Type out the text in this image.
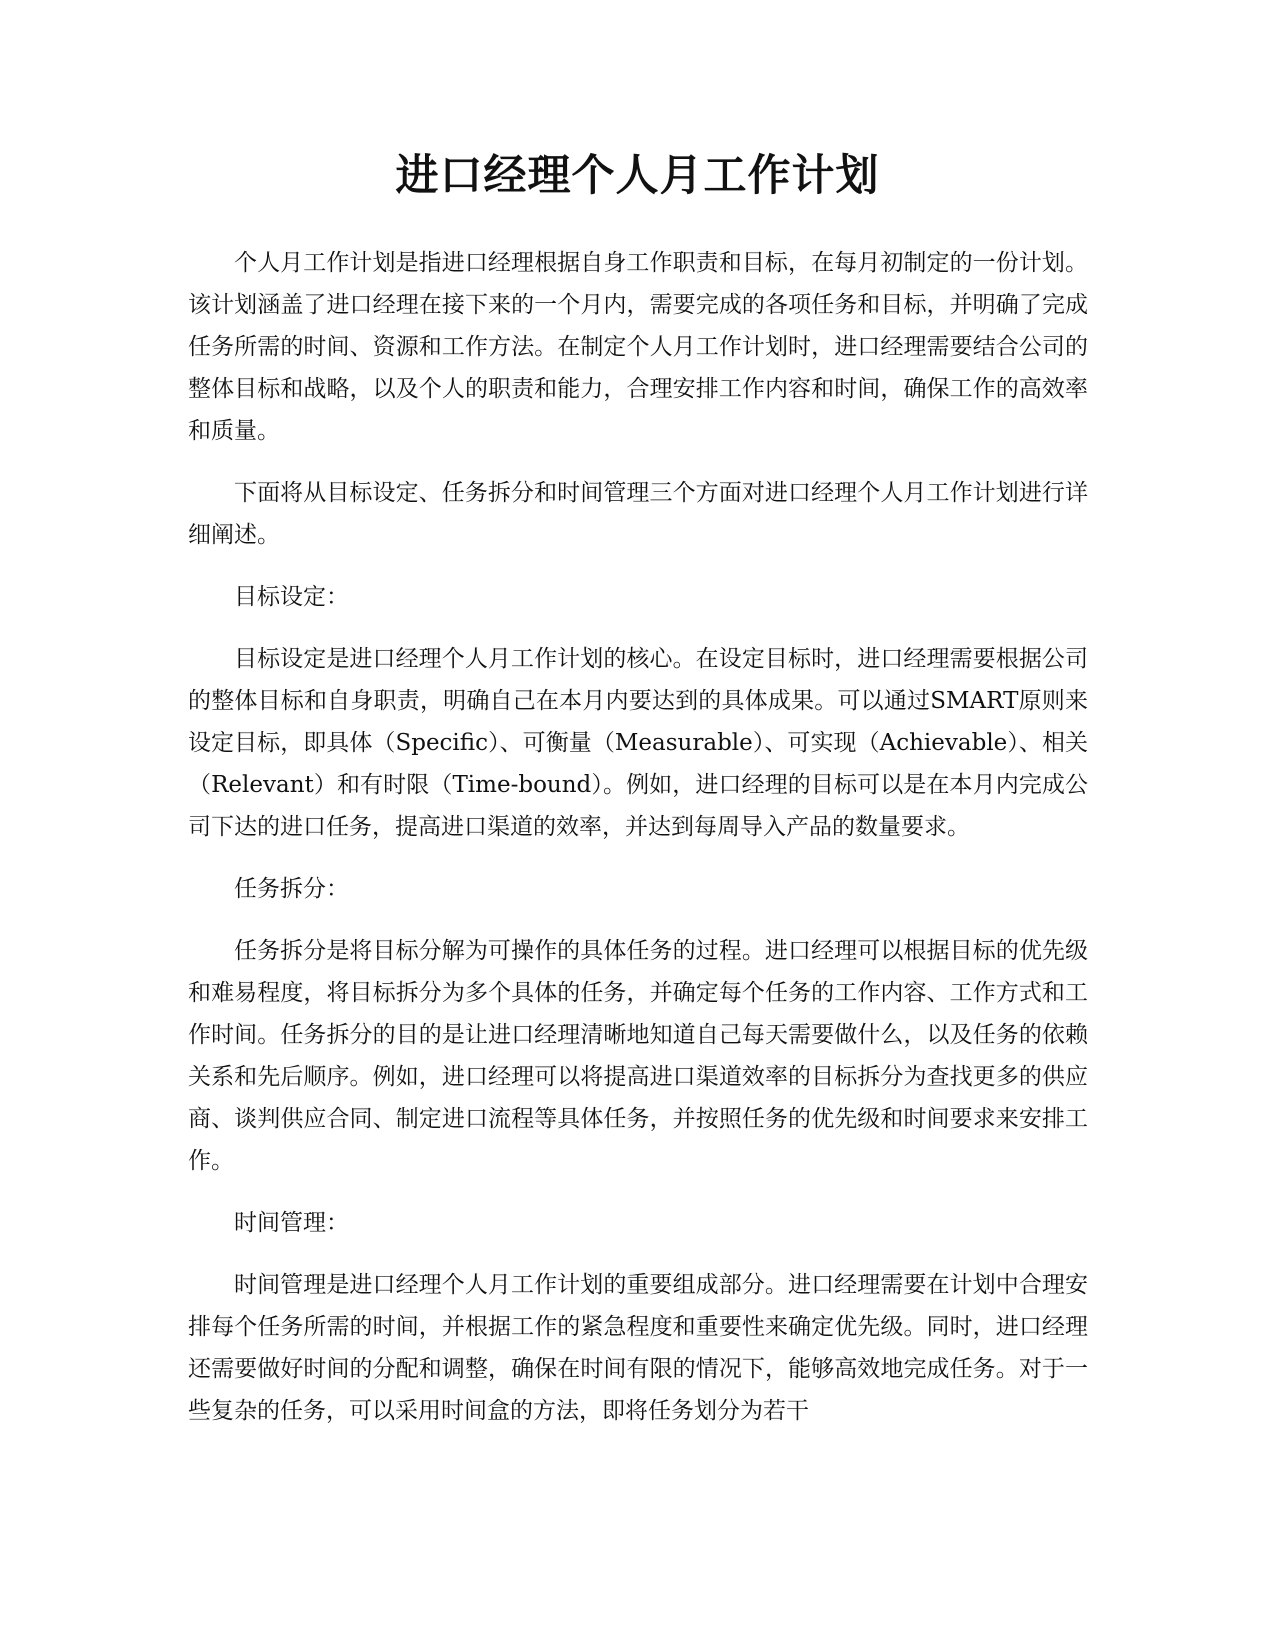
进口经理个人月工作计划

个人月工作计划是指进口经理根据自身工作职责和目标，在每月初制定的一份计划。该计划涵盖了进口经理在接下来的一个月内，需要完成的各项任务和目标，并明确了完成任务所需的时间、资源和工作方法。在制定个人月工作计划时，进口经理需要结合公司的整体目标和战略，以及个人的职责和能力，合理安排工作内容和时间，确保工作的高效率和质量。

下面将从目标设定、任务拆分和时间管理三个方面对进口经理个人月工作计划进行详细阐述。

目标设定：

目标设定是进口经理个人月工作计划的核心。在设定目标时，进口经理需要根据公司的整体目标和自身职责，明确自己在本月内要达到的具体成果。可以通过SMART原则来设定目标，即具体（Specific）、可衡量（Measurable）、可实现（Achievable）、相关（Relevant）和有时限（Time-bound）。例如，进口经理的目标可以是在本月内完成公司下达的进口任务，提高进口渠道的效率，并达到每周导入产品的数量要求。

任务拆分：

任务拆分是将目标分解为可操作的具体任务的过程。进口经理可以根据目标的优先级和难易程度，将目标拆分为多个具体的任务，并确定每个任务的工作内容、工作方式和工作时间。任务拆分的目的是让进口经理清晰地知道自己每天需要做什么，以及任务的依赖关系和先后顺序。例如，进口经理可以将提高进口渠道效率的目标拆分为查找更多的供应商、谈判供应合同、制定进口流程等具体任务，并按照任务的优先级和时间要求来安排工作。

时间管理：

时间管理是进口经理个人月工作计划的重要组成部分。进口经理需要在计划中合理安排每个任务所需的时间，并根据工作的紧急程度和重要性来确定优先级。同时，进口经理还需要做好时间的分配和调整，确保在时间有限的情况下，能够高效地完成任务。对于一些复杂的任务，可以采用时间盒的方法，即将任务划分为若干
